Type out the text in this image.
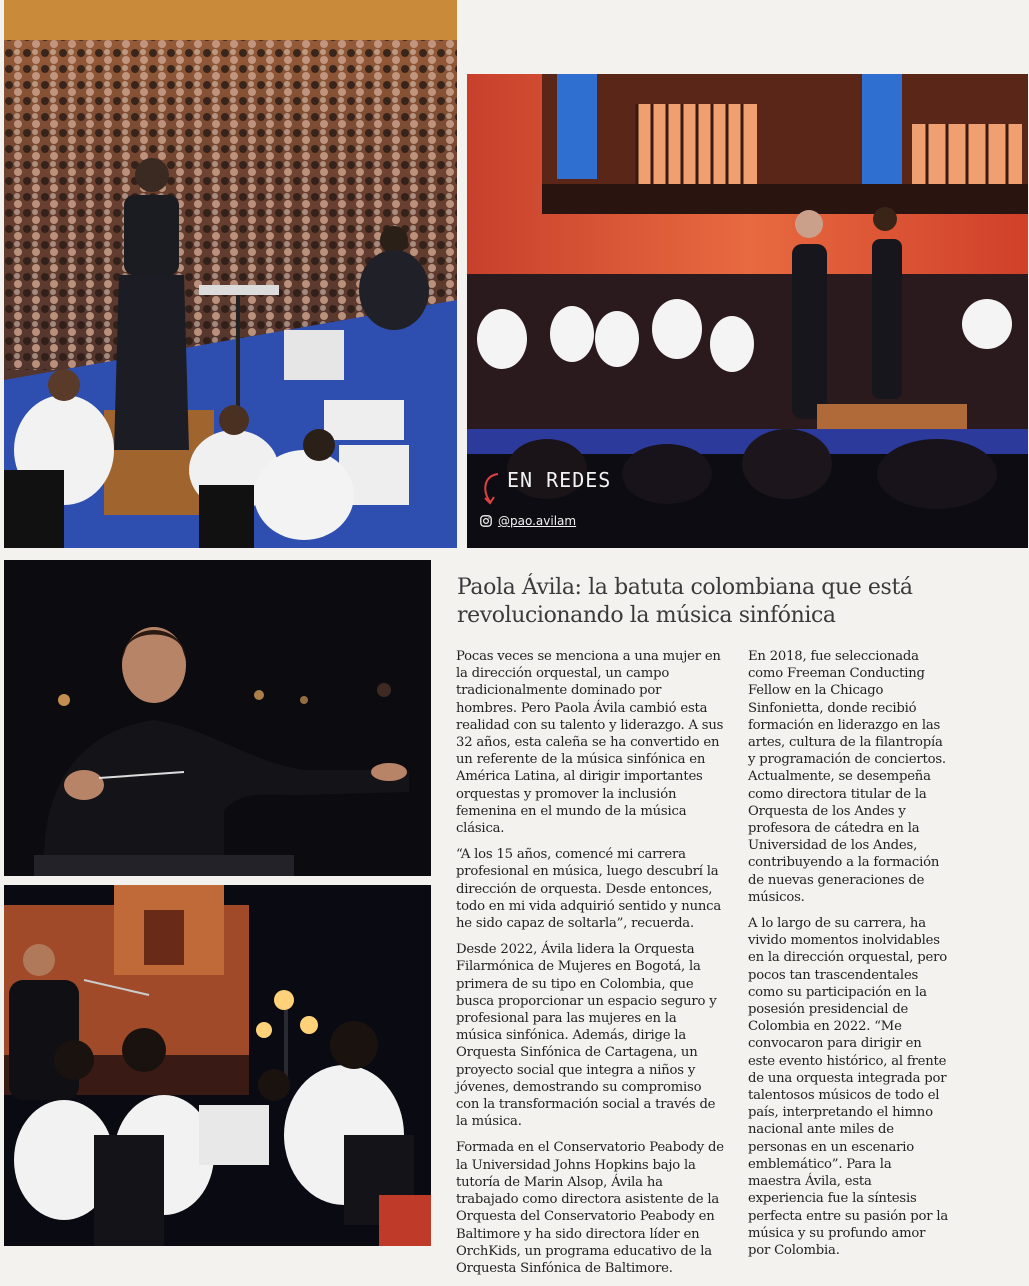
EN REDES
@pao.avilam
Paola Ávila: la batuta colombiana que está revolucionando la música sinfónica

Pocas veces se menciona a una mujer en la dirección orquestal, un campo tradicionalmente dominado por hombres. Pero Paola Ávila cambió esta realidad con su talento y liderazgo. A sus 32 años, esta caleña se ha convertido en un referente de la música sinfónica en América Latina, al dirigir importantes orquestas y promover la inclusión femenina en el mundo de la música clásica.

“A los 15 años, comencé mi carrera profesional en música, luego descubrí la dirección de orquesta. Desde entonces, todo en mi vida adquirió sentido y nunca he sido capaz de soltarla”, recuerda.

Desde 2022, Ávila lidera la Orquesta Filarmónica de Mujeres en Bogotá, la primera de su tipo en Colombia, que busca proporcionar un espacio seguro y profesional para las mujeres en la música sinfónica. Además, dirige la Orquesta Sinfónica de Cartagena, un proyecto social que integra a niños y jóvenes, demostrando su compromiso con la transformación social a través de la música.

Formada en el Conservatorio Peabody de la Universidad Johns Hopkins bajo la tutoría de Marin Alsop, Ávila ha trabajado como directora asistente de la Orquesta del Conservatorio Peabody en Baltimore y ha sido directora líder en OrchKids, un programa educativo de la Orquesta Sinfónica de Baltimore.

En 2018, fue seleccionada como Freeman Conducting Fellow en la Chicago Sinfonietta, donde recibió formación en liderazgo en las artes, cultura de la filantropía y programación de conciertos. Actualmente, se desempeña como directora titular de la Orquesta de los Andes y profesora de cátedra en la Universidad de los Andes, contribuyendo a la formación de nuevas generaciones de músicos.

A lo largo de su carrera, ha vivido momentos inolvidables en la dirección orquestal, pero pocos tan trascendentales como su participación en la posesión presidencial de Colombia en 2022. “Me convocaron para dirigir en este evento histórico, al frente de una orquesta integrada por talentosos músicos de todo el país, interpretando el himno nacional ante miles de personas en un escenario emblemático”. Para la maestra Ávila, esta experiencia fue la síntesis perfecta entre su pasión por la música y su profundo amor por Colombia.
